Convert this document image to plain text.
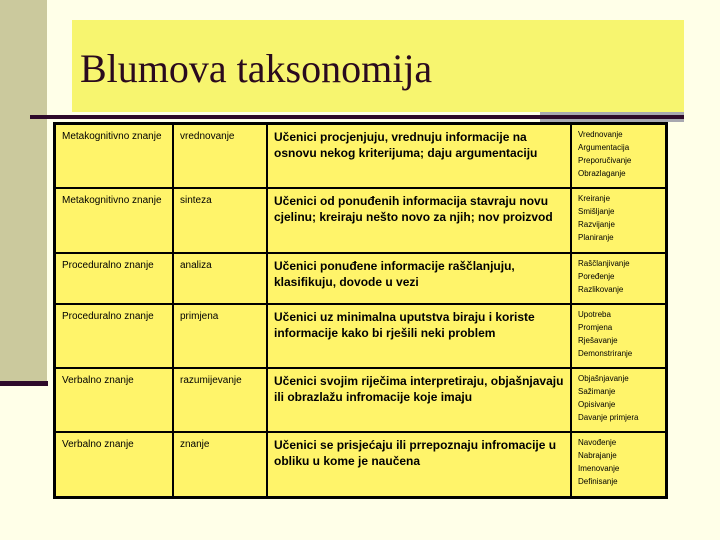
Blumova taksonomija
Metakognitivno znanje	vrednovanje	Učenici procjenjuju, vrednuju informacije na osnovu nekog kriterijuma; daju argumentaciju	Vrednovanje
Argumentacija
Preporučivanje
Obrazlaganje

Metakognitivno znanje	sinteza	Učenici od ponuđenih informacija stavraju novu cjelinu; kreiraju nešto novo za njih; nov proizvod	Kreiranje
Smišljanje
Razvijanje
Planiranje

Proceduralno znanje	analiza	Učenici ponuđene informacije raščlanjuju, klasifikuju, dovode u vezi	Raščlanjivanje
Poređenje
Razlikovanje

Proceduralno znanje	primjena	Učenici uz minimalna uputstva biraju i koriste informacije kako bi rješili neki problem	Upotreba
Promjena
Rješavanje
Demonstriranje

Verbalno znanje	razumijevanje	Učenici svojim riječima interpretiraju, objašnjavaju ili obrazlažu infromacije koje imaju	Objašnjavanje
Sažimanje
Opisivanje
Davanje primjera

Verbalno znanje	znanje	Učenici se prisjećaju ili prrepoznaju infromacije u obliku u kome je naučena	Navođenje
Nabrajanje
Imenovanje
Definisanje
